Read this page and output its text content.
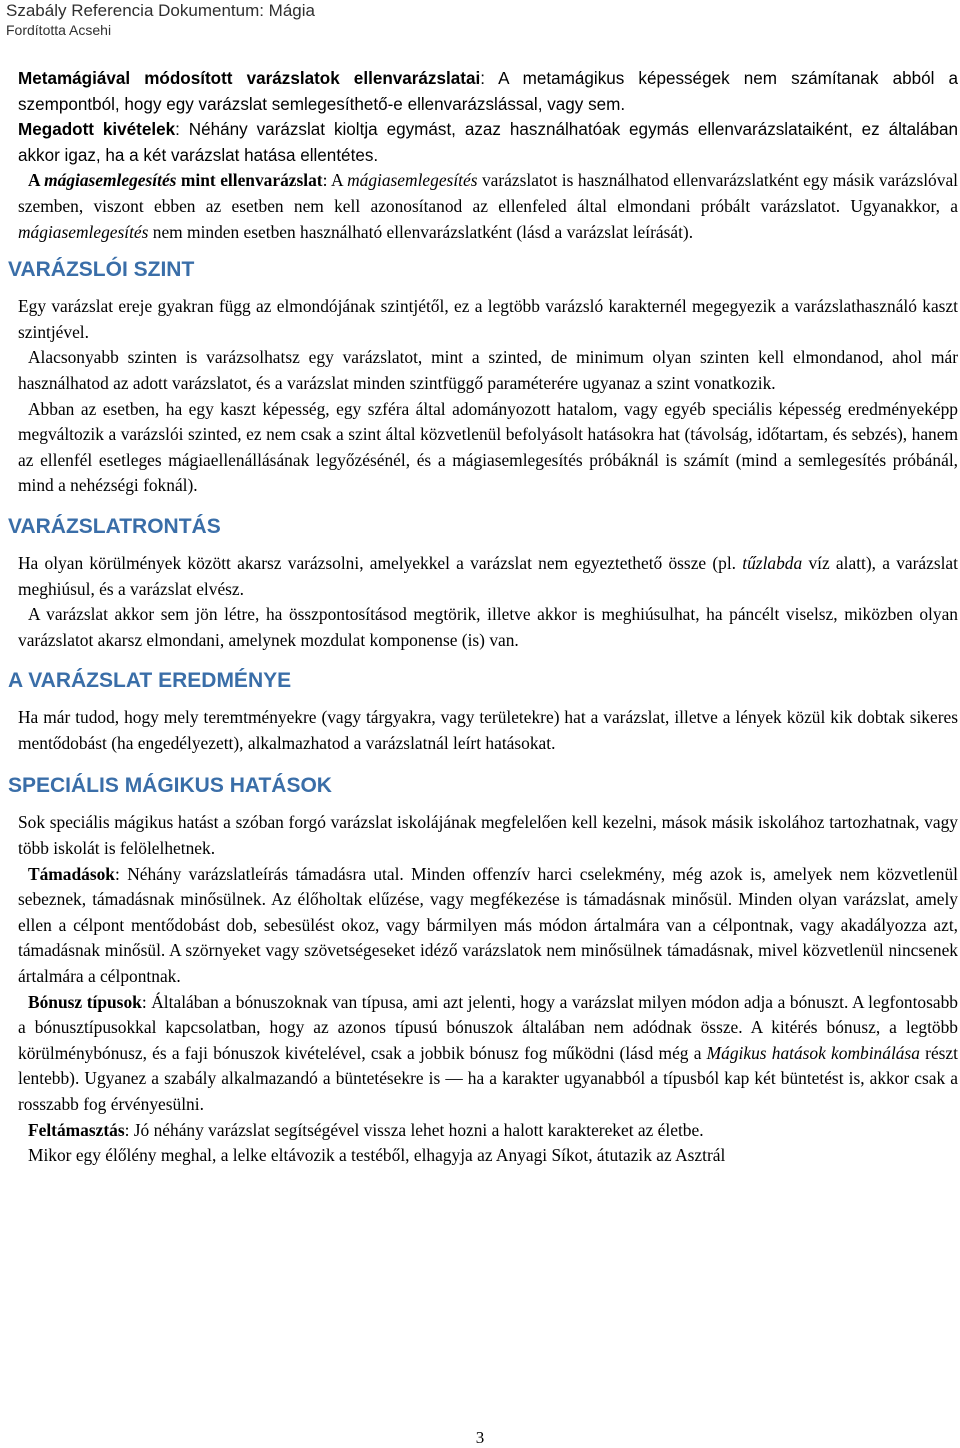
Szabály Referencia Dokumentum: Mágia
Fordította Acsehi

Metamágiával módosított varázslatok ellenvarázslatai: A metamágikus képességek nem számítanak abból a szempontból, hogy egy varázslat semlegesíthető-e ellenvarázslással, vagy sem.

Megadott kivételek: Néhány varázslat kioltja egymást, azaz használhatóak egymás ellenvarázslataiként, ez általában akkor igaz, ha a két varázslat hatása ellentétes.

A mágiasemlegesítés mint ellenvarázslat: A mágiasemlegesítés varázslatot is használhatod ellenvarázslatként egy másik varázslóval szemben, viszont ebben az esetben nem kell azonosítanod az ellenfeled által elmondani próbált varázslatot. Ugyanakkor, a mágiasemlegesítés nem minden esetben használható ellenvarázslatként (lásd a varázslat leírását).

VARÁZSLÓI SZINT

Egy varázslat ereje gyakran függ az elmondójának szintjétől, ez a legtöbb varázsló karakternél megegyezik a varázslathasználó kaszt szintjével.

Alacsonyabb szinten is varázsolhatsz egy varázslatot, mint a szinted, de minimum olyan szinten kell elmondanod, ahol már használhatod az adott varázslatot, és a varázslat minden szintfüggő paraméterére ugyanaz a szint vonatkozik.

Abban az esetben, ha egy kaszt képesség, egy szféra által adományozott hatalom, vagy egyéb speciális képesség eredményeképp megváltozik a varázslói szinted, ez nem csak a szint által közvetlenül befolyásolt hatásokra hat (távolság, időtartam, és sebzés), hanem az ellenfél esetleges mágiaellenállásának legyőzésénél, és a mágiasemlegesítés próbáknál is számít (mind a semlegesítés próbánál, mind a nehézségi foknál).

VARÁZSLATRONTÁS

Ha olyan körülmények között akarsz varázsolni, amelyekkel a varázslat nem egyeztethető össze (pl. tűzlabda víz alatt), a varázslat meghiúsul, és a varázslat elvész.

A varázslat akkor sem jön létre, ha összpontosításod megtörik, illetve akkor is meghiúsulhat, ha páncélt viselsz, miközben olyan varázslatot akarsz elmondani, amelynek mozdulat komponense (is) van.

A VARÁZSLAT EREDMÉNYE

Ha már tudod, hogy mely teremtményekre (vagy tárgyakra, vagy területekre) hat a varázslat, illetve a lények közül kik dobtak sikeres mentődobást (ha engedélyezett), alkalmazhatod a varázslatnál leírt hatásokat.

SPECIÁLIS MÁGIKUS HATÁSOK

Sok speciális mágikus hatást a szóban forgó varázslat iskolájának megfelelően kell kezelni, mások másik iskolához tartozhatnak, vagy több iskolát is felölelhetnek.

Támadások: Néhány varázslatleírás támadásra utal. Minden offenzív harci cselekmény, még azok is, amelyek nem közvetlenül sebeznek, támadásnak minősülnek. Az élőholtak elűzése, vagy megfékezése is támadásnak minősül. Minden olyan varázslat, amely ellen a célpont mentődobást dob, sebesülést okoz, vagy bármilyen más módon ártalmára van a célpontnak, vagy akadályozza azt, támadásnak minősül. A szörnyeket vagy szövetségeseket idéző varázslatok nem minősülnek támadásnak, mivel közvetlenül nincsenek ártalmára a célpontnak.

Bónusz típusok: Általában a bónuszoknak van típusa, ami azt jelenti, hogy a varázslat milyen módon adja a bónuszt. A legfontosabb a bónusztípusokkal kapcsolatban, hogy az azonos típusú bónuszok általában nem adódnak össze. A kitérés bónusz, a legtöbb körülménybónusz, és a faji bónuszok kivételével, csak a jobbik bónusz fog működni (lásd még a Mágikus hatások kombinálása részt lentebb). Ugyanez a szabály alkalmazandó a büntetésekre is — ha a karakter ugyanabból a típusból kap két büntetést is, akkor csak a rosszabb fog érvényesülni.

Feltámasztás: Jó néhány varázslat segítségével vissza lehet hozni a halott karaktereket az életbe.

Mikor egy élőlény meghal, a lelke eltávozik a testéből, elhagyja az Anyagi Síkot, átutazik az Asztrál

3
